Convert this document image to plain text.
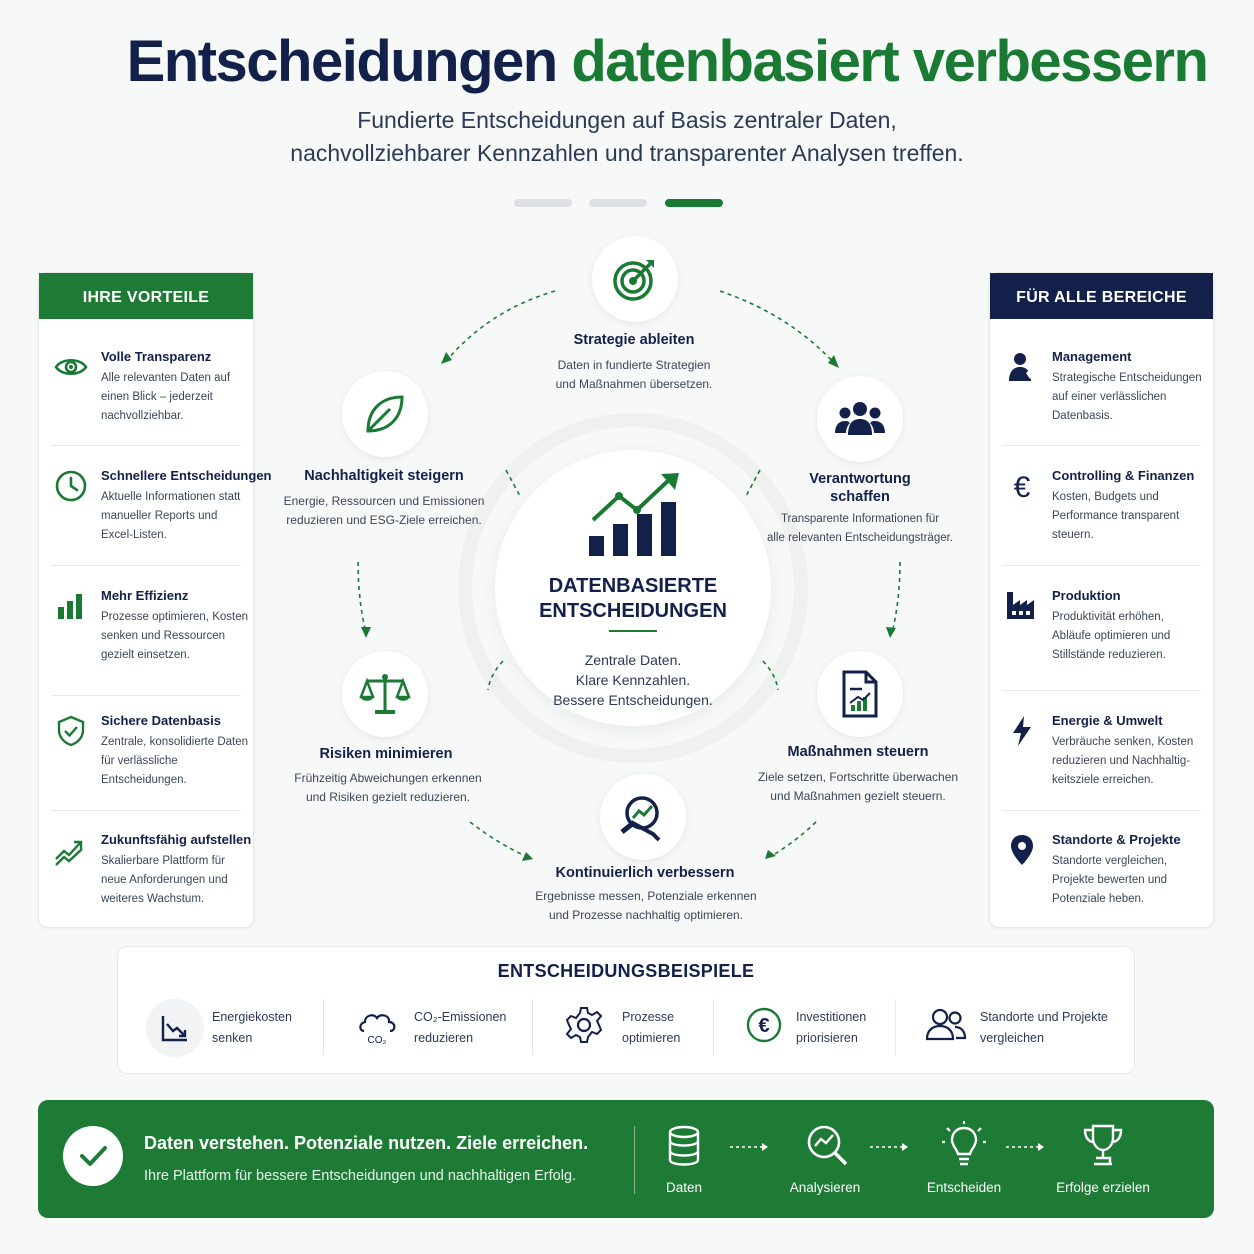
Entscheidungen datenbasiert verbessern
Fundierte Entscheidungen auf Basis zentraler Daten,
nachvollziehbarer Kennzahlen und transparenter Analysen treffen.
IHRE VORTEILE
Volle Transparenz
Alle relevanten Daten auf einen Blick – jederzeit nachvollziehbar.
Schnellere Entscheidungen
Aktuelle Informationen statt manueller Reports und Excel-Listen.
Mehr Effizienz
Prozesse optimieren, Kosten senken und Ressourcen gezielt einsetzen.
Sichere Datenbasis
Zentrale, konsolidierte Daten für verlässliche Entscheidungen.
Zukunftsfähig aufstellen
Skalierbare Plattform für neue Anforderungen und weiteres Wachstum.
FÜR ALLE BEREICHE
Management
Strategische Entscheidungen auf einer verlässlichen Datenbasis.
€ Controlling & Finanzen
Kosten, Budgets und Performance transparent steuern.
Produktion
Produktivität erhöhen, Abläufe optimieren und Stillstände reduzieren.
Energie & Umwelt
Verbräuche senken, Kosten reduzieren und Nachhaltig-keitsziele erreichen.
Standorte & Projekte
Standorte vergleichen, Projekte bewerten und Potenziale heben.
DATENBASIERTE
ENTSCHEIDUNGEN
Zentrale Daten.
Klare Kennzahlen.
Bessere Entscheidungen.
Strategie ableiten
Daten in fundierte Strategien
und Maßnahmen übersetzen.
Nachhaltigkeit steigern
Energie, Ressourcen und Emissionen
reduzieren und ESG-Ziele erreichen.
Verantwortung
schaffen
Transparente Informationen für
alle relevanten Entscheidungsträger.
Risiken minimieren
Frühzeitig Abweichungen erkennen
und Risiken gezielt reduzieren.
Maßnahmen steuern
Ziele setzen, Fortschritte überwachen
und Maßnahmen gezielt steuern.
Kontinuierlich verbessern
Ergebnisse messen, Potenziale erkennen
und Prozesse nachhaltig optimieren.
ENTSCHEIDUNGSBEISPIELE
Energiekosten
senken	CO₂
CO₂-Emissionen
reduzieren
Prozesse
optimieren
€ Investitionen
priorisieren
Standorte und Projekte
vergleichen
Daten verstehen. Potenziale nutzen. Ziele erreichen.
Ihre Plattform für bessere Entscheidungen und nachhaltigen Erfolg.
Daten	Analysieren	Entscheiden	Erfolge erzielen
